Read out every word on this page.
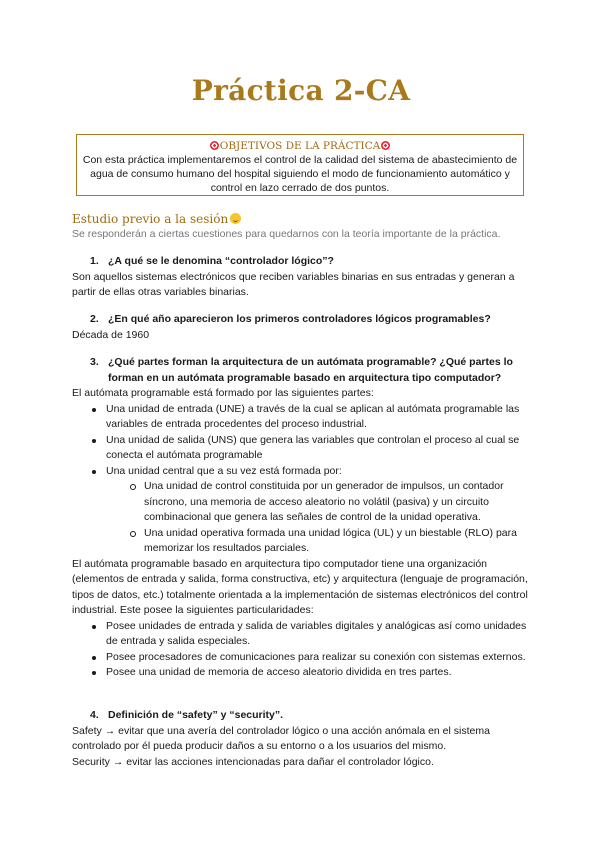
Práctica 2-CA
OBJETIVOS DE LA PRÁCTICA
Con esta práctica implementaremos el control de la calidad del sistema de abastecimiento de agua de consumo humano del hospital siguiendo el modo de funcionamiento automático y control en lazo cerrado de dos puntos.
Estudio previo a la sesión
Se responderán a ciertas cuestiones para quedarnos con la teoría importante de la práctica.
1. ¿A qué se le denomina “controlador lógico”?

Son aquellos sistemas electrónicos que reciben variables binarias en sus entradas y generan a partir de ellas otras variables binarias.

2. ¿En qué año aparecieron los primeros controladores lógicos programables?

Década de 1960

3. ¿Qué partes forman la arquitectura de un autómata programable? ¿Qué partes lo forman en un autómata programable basado en arquitectura tipo computador?

El autómata programable está formado por las siguientes partes:

Una unidad de entrada (UNE) a través de la cual se aplican al autómata programable las variables de entrada procedentes del proceso industrial.
Una unidad de salida (UNS) que genera las variables que controlan el proceso al cual se conecta el autómata programable
Una unidad central que a su vez está formada por:
Una unidad de control constituida por un generador de impulsos, un contador síncrono, una memoria de acceso aleatorio no volátil (pasiva) y un circuito combinacional que genera las señales de control de la unidad operativa.
Una unidad operativa formada una unidad lógica (UL) y un biestable (RLO) para memorizar los resultados parciales.

El autómata programable basado en arquitectura tipo computador tiene una organización (elementos de entrada y salida, forma constructiva, etc) y arquitectura (lenguaje de programación, tipos de datos, etc.) totalmente orientada a la implementación de sistemas electrónicos del control industrial. Este posee la siguientes particularidades:

Posee unidades de entrada y salida de variables digitales y analógicas así como unidades de entrada y salida especiales.
Posee procesadores de comunicaciones para realizar su conexión con sistemas externos.
Posee una unidad de memoria de acceso aleatorio dividida en tres partes.
4. Definición de “safety” y “security”.

Safety → evitar que una avería del controlador lógico o una acción anómala en el sistema controlado por él pueda producir daños a su entorno o a los usuarios del mismo.

Security → evitar las acciones intencionadas para dañar el controlador lógico.
